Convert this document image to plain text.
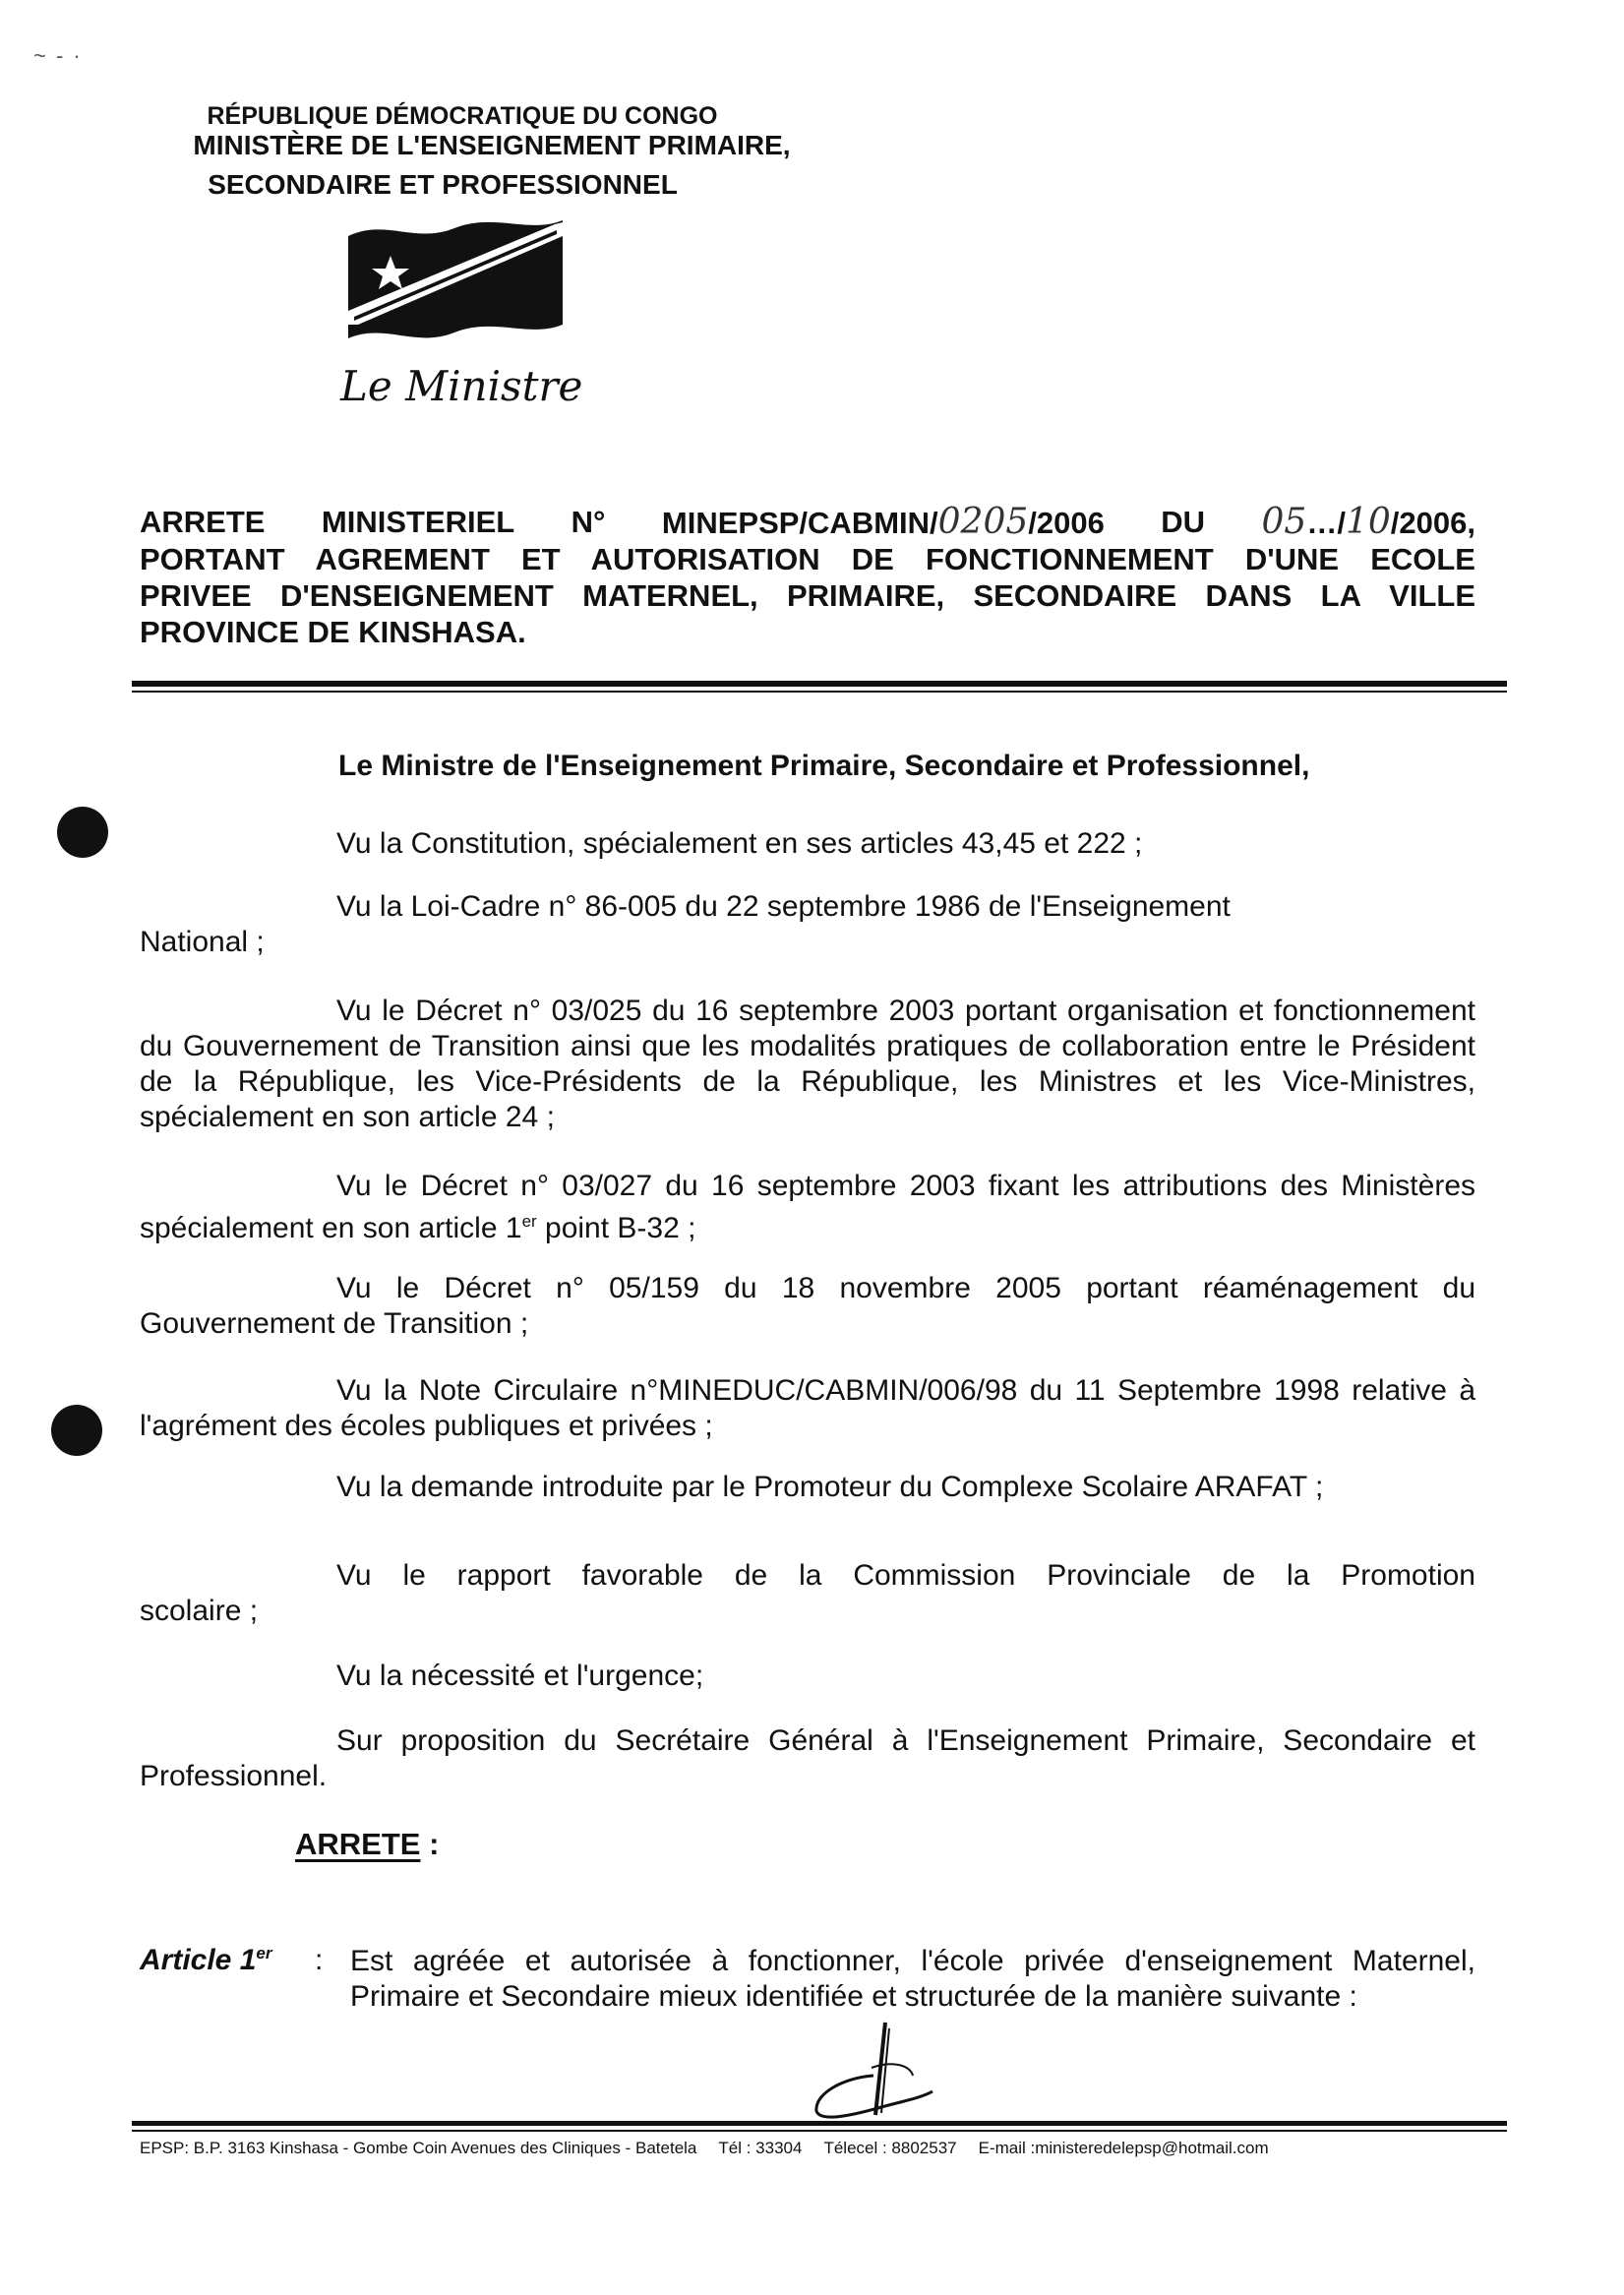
~ - ·
RÉPUBLIQUE DÉMOCRATIQUE DU CONGO
MINISTÈRE DE L'ENSEIGNEMENT PRIMAIRE,
SECONDAIRE ET PROFESSIONNEL
Le Ministre
ARRETE MINISTERIEL N° MINEPSP/CABMIN/0205/2006 DU 05…/10/2006,
PORTANT AGREMENT ET AUTORISATION DE FONCTIONNEMENT D'UNE ECOLE
PRIVEE D'ENSEIGNEMENT MATERNEL, PRIMAIRE, SECONDAIRE DANS LA VILLE
PROVINCE DE KINSHASA.
Le Ministre de l'Enseignement Primaire, Secondaire et Professionnel,
Vu la Constitution, spécialement en ses articles 43,45 et 222 ;
Vu la Loi-Cadre n° 86-005 du 22 septembre 1986 de l'Enseignement
National ;
Vu le Décret n° 03/025 du 16 septembre 2003 portant organisation et fonctionnement du Gouvernement de Transition ainsi que les modalités pratiques de collaboration entre le Président de la République, les Vice-Présidents de la République, les Ministres et les Vice-Ministres, spécialement en son article 24 ;
Vu le Décret n° 03/027 du 16 septembre 2003 fixant les attributions des Ministères spécialement en son article 1er point B-32 ;
Vu le Décret n° 05/159 du 18 novembre 2005 portant réaménagement du Gouvernement de Transition ;
Vu la Note Circulaire n°MINEDUC/CABMIN/006/98 du 11 Septembre 1998 relative à l'agrément des écoles publiques et privées ;
Vu la demande introduite par le Promoteur du Complexe Scolaire ARAFAT ;
Vu le rapport favorable de la Commission Provinciale de la Promotion
scolaire ;
Vu la nécessité et l'urgence;
Sur proposition du Secrétaire Général à l'Enseignement Primaire, Secondaire et Professionnel.
ARRETE :
Article 1er : Est agréée et autorisée à fonctionner, l'école privée d'enseignement Maternel, Primaire et Secondaire mieux identifiée et structurée de la manière suivante :
EPSP: B.P. 3163 Kinshasa - Gombe Coin Avenues des Cliniques - Batetela Tél : 33304 Télecel : 8802537 E-mail :ministeredelepsp@hotmail.com
